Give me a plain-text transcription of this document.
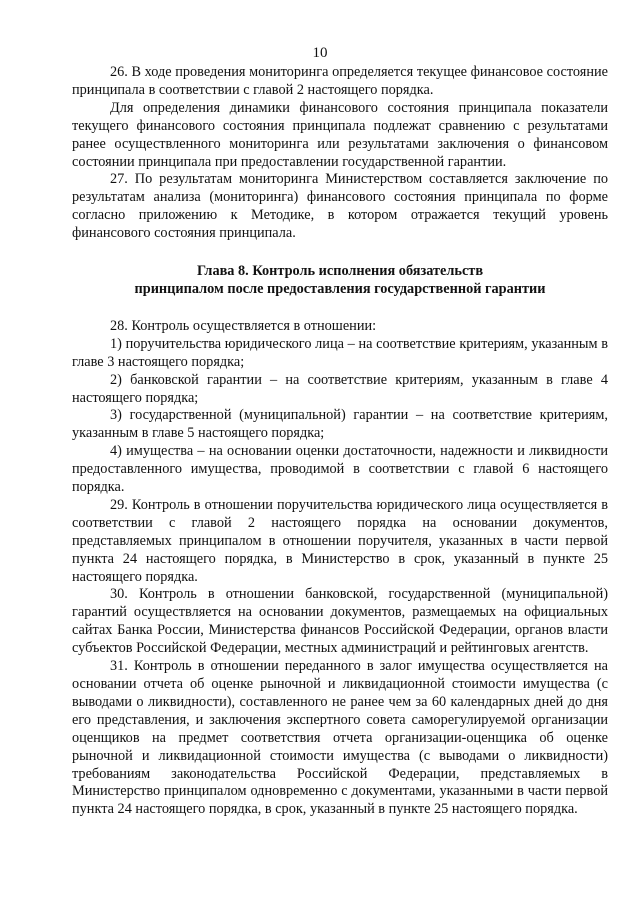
10

26. В ходе проведения мониторинга определяется текущее финансовое состояние принципала в соответствии с главой 2 настоящего порядка.

Для определения динамики финансового состояния принципала показатели текущего финансового состояния принципала подлежат сравнению с результатами ранее осуществленного мониторинга или результатами заключения о финансовом состоянии принципала при предоставлении государственной гарантии.

27. По результатам мониторинга Министерством составляется заключение по результатам анализа (мониторинга) финансового состояния принципала по форме согласно приложению к Методике, в котором отражается текущий уровень финансового состояния принципала.

Глава 8. Контроль исполнения обязательств
принципалом после предоставления государственной гарантии

28. Контроль осуществляется в отношении:

1) поручительства юридического лица – на соответствие критериям, указанным в главе 3 настоящего порядка;

2) банковской гарантии – на соответствие критериям, указанным в главе 4 настоящего порядка;

3) государственной (муниципальной) гарантии – на соответствие критериям, указанным в главе 5 настоящего порядка;

4) имущества – на основании оценки достаточности, надежности и ликвидности предоставленного имущества, проводимой в соответствии с главой 6 настоящего порядка.

29. Контроль в отношении поручительства юридического лица осуществляется в соответствии с главой 2 настоящего порядка на основании документов, представляемых принципалом в отношении поручителя, указанных в части первой пункта 24 настоящего порядка, в Министерство в срок, указанный в пункте 25 настоящего порядка.

30. Контроль в отношении банковской, государственной (муниципальной) гарантий осуществляется на основании документов, размещаемых на официальных сайтах Банка России, Министерства финансов Российской Федерации, органов власти субъектов Российской Федерации, местных администраций и рейтинговых агентств.

31. Контроль в отношении переданного в залог имущества осуществляется на основании отчета об оценке рыночной и ликвидационной стоимости имущества (с выводами о ликвидности), составленного не ранее чем за 60 календарных дней до дня его представления, и заключения экспертного совета саморегулируемой организации оценщиков на предмет соответствия отчета организации-оценщика об оценке рыночной и ликвидационной стоимости имущества (с выводами о ликвидности) требованиям законодательства Российской Федерации, представляемых в Министерство принципалом одновременно с документами, указанными в части первой пункта 24 настоящего порядка, в срок, указанный в пункте 25 настоящего порядка.
